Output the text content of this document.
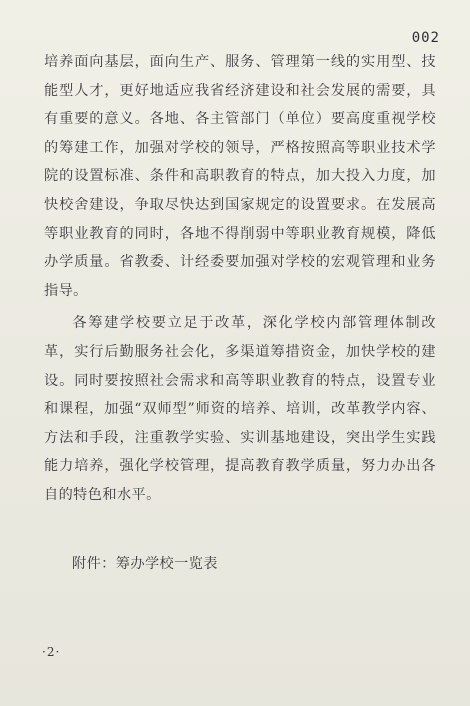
002

培养面向基层，面向生产、服务、管理第一线的实用型、技能型人才，更好地适应我省经济建设和社会发展的需要，具有重要的意义。各地、各主管部门（单位）要高度重视学校的筹建工作，加强对学校的领导，严格按照高等职业技术学院的设置标准、条件和高职教育的特点，加大投入力度，加快校舍建设，争取尽快达到国家规定的设置要求。在发展高等职业教育的同时，各地不得削弱中等职业教育规模，降低办学质量。省教委、计经委要加强对学校的宏观管理和业务指导。

各筹建学校要立足于改革，深化学校内部管理体制改革，实行后勤服务社会化，多渠道筹措资金，加快学校的建设。同时要按照社会需求和高等职业教育的特点，设置专业和课程，加强“双师型”师资的培养、培训，改革教学内容、方法和手段，注重教学实验、实训基地建设，突出学生实践能力培养，强化学校管理，提高教育教学质量，努力办出各自的特色和水平。

附件：筹办学校一览表
·2·
